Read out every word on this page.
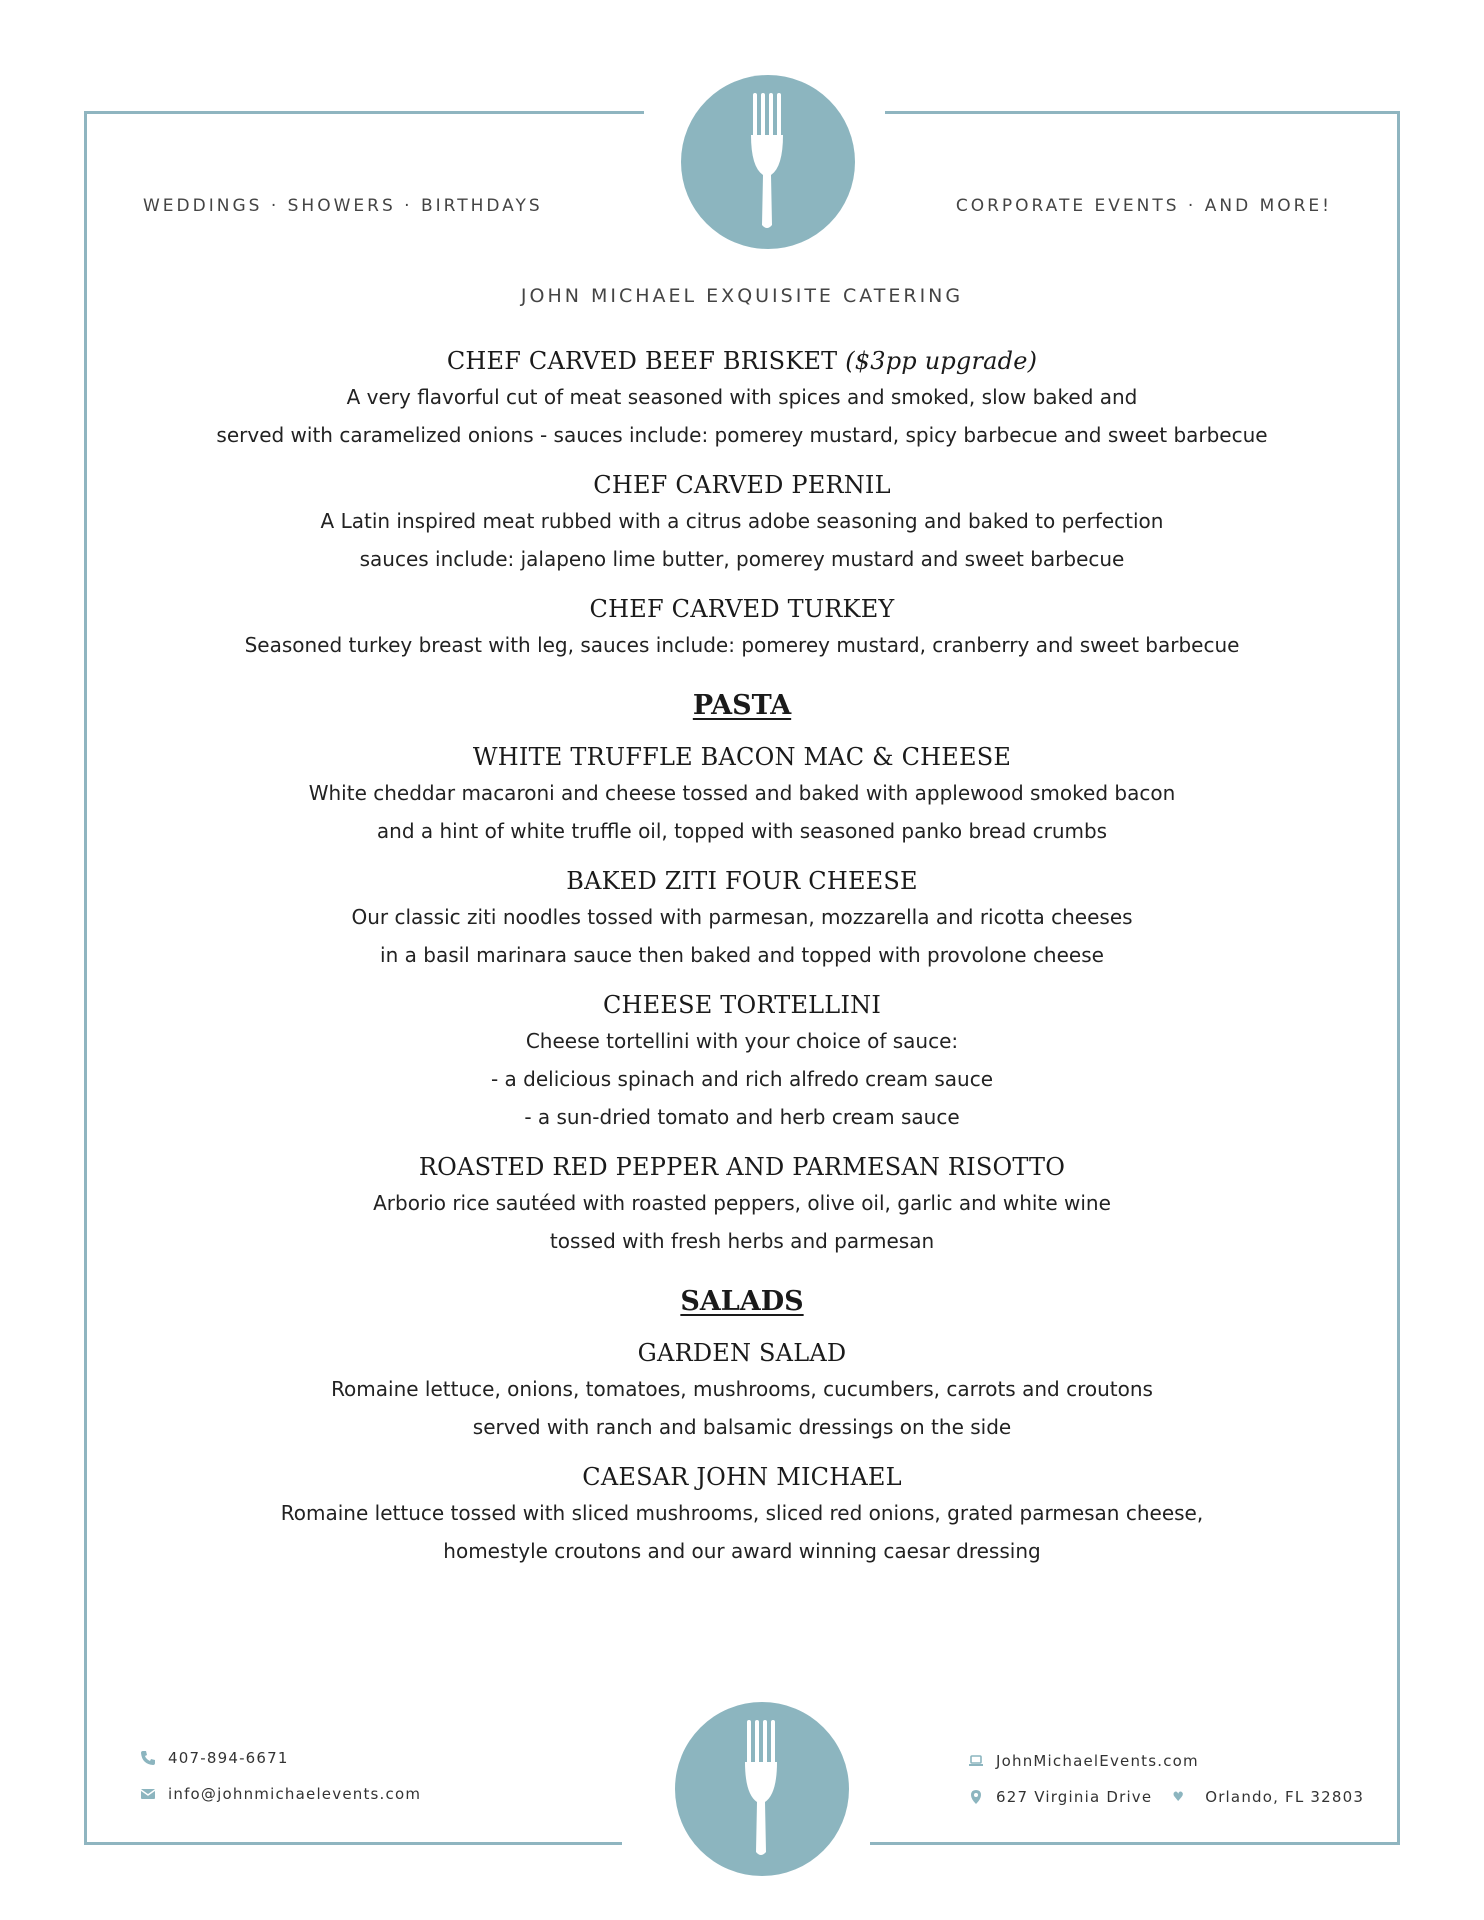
WEDDINGS · SHOWERS · BIRTHDAYS	CORPORATE EVENTS · AND MORE!
JOHN MICHAEL EXQUISITE CATERING

CHEF CARVED BEEF BRISKET ($3pp upgrade)

A very flavorful cut of meat seasoned with spices and smoked, slow baked and

served with caramelized onions - sauces include: pomerey mustard, spicy barbecue and sweet barbecue

CHEF CARVED PERNIL

A Latin inspired meat rubbed with a citrus adobe seasoning and baked to perfection

sauces include: jalapeno lime butter, pomerey mustard and sweet barbecue

CHEF CARVED TURKEY

Seasoned turkey breast with leg, sauces include: pomerey mustard, cranberry and sweet barbecue

PASTA

WHITE TRUFFLE BACON MAC & CHEESE

White cheddar macaroni and cheese tossed and baked with applewood smoked bacon

and a hint of white truffle oil, topped with seasoned panko bread crumbs

BAKED ZITI FOUR CHEESE

Our classic ziti noodles tossed with parmesan, mozzarella and ricotta cheeses

in a basil marinara sauce then baked and topped with provolone cheese

CHEESE TORTELLINI

Cheese tortellini with your choice of sauce:

- a delicious spinach and rich alfredo cream sauce

- a sun-dried tomato and herb cream sauce

ROASTED RED PEPPER AND PARMESAN RISOTTO

Arborio rice sautéed with roasted peppers, olive oil, garlic and white wine

tossed with fresh herbs and parmesan

SALADS

GARDEN SALAD

Romaine lettuce, onions, tomatoes, mushrooms, cucumbers, carrots and croutons

served with ranch and balsamic dressings on the side

CAESAR JOHN MICHAEL

Romaine lettuce tossed with sliced mushrooms, sliced red onions, grated parmesan cheese,

homestyle croutons and our award winning caesar dressing

407-894-6671
info@johnmichaelevents.com
JohnMichaelEvents.com
627 Virginia Drive ♥ Orlando, FL 32803
